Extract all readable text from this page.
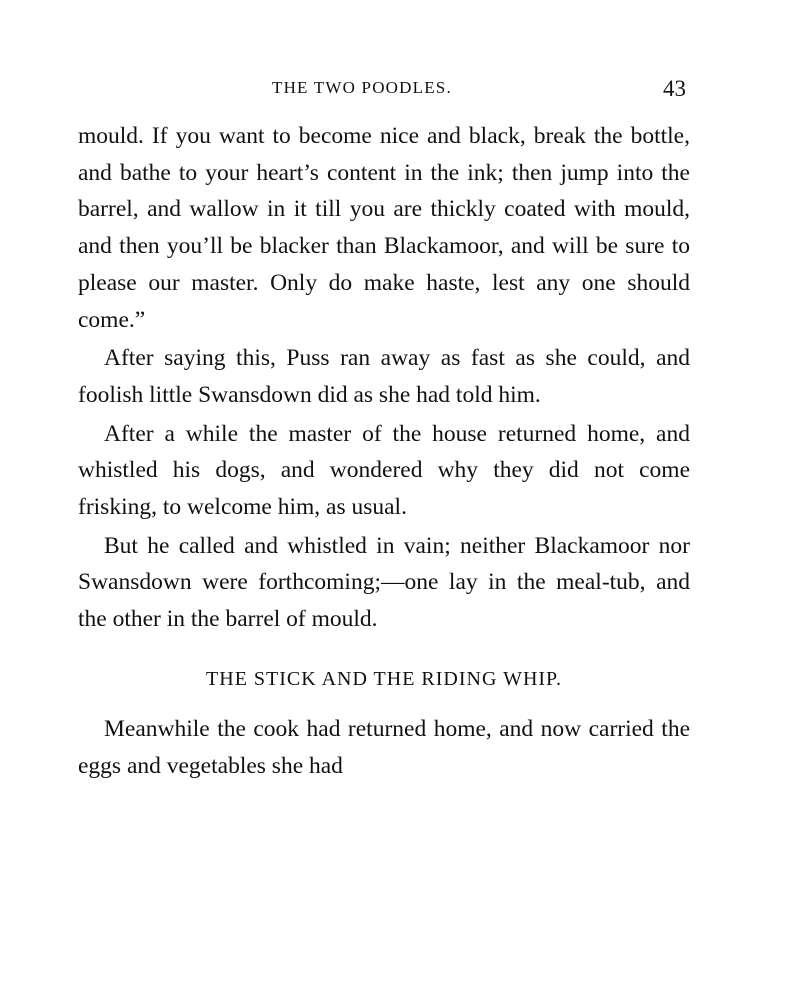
THE TWO POODLES.	43

mould. If you want to become nice and black, break the bottle, and bathe to your heart’s content in the ink; then jump into the barrel, and wallow in it till you are thickly coated with mould, and then you’ll be blacker than Blackamoor, and will be sure to please our master. Only do make haste, lest any one should come.”

After saying this, Puss ran away as fast as she could, and foolish little Swansdown did as she had told him.

After a while the master of the house returned home, and whistled his dogs, and wondered why they did not come frisking, to welcome him, as usual.

But he called and whistled in vain; neither Blackamoor nor Swansdown were forthcoming;—one lay in the meal-tub, and the other in the barrel of mould.

THE STICK AND THE RIDING WHIP.

Meanwhile the cook had returned home, and now carried the eggs and vegetables she had
